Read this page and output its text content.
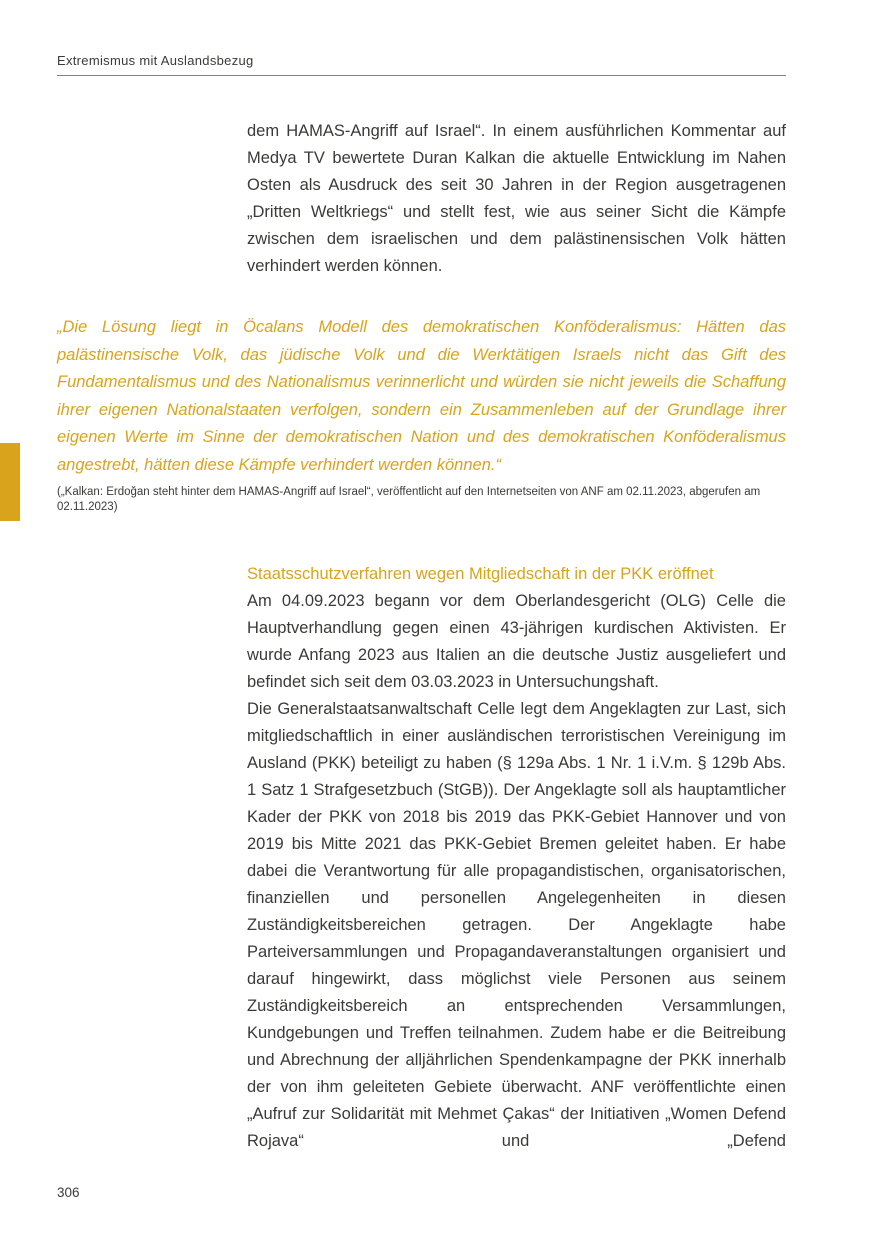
Extremismus mit Auslandsbezug

dem HAMAS-Angriff auf Israel“. In einem ausführlichen Kommentar auf Medya TV bewertete Duran Kalkan die aktuelle Entwicklung im Nahen Osten als Ausdruck des seit 30 Jahren in der Region ausgetragenen „Dritten Weltkriegs“ und stellt fest, wie aus seiner Sicht die Kämpfe zwischen dem israelischen und dem palästinensischen Volk hätten verhindert werden können.

„Die Lösung liegt in Öcalans Modell des demokratischen Konföderalismus: Hätten das palästinensische Volk, das jüdische Volk und die Werktätigen Israels nicht das Gift des Fundamentalismus und des Nationalismus verinnerlicht und würden sie nicht jeweils die Schaffung ihrer eigenen Nationalstaaten verfolgen, sondern ein Zusammenleben auf der Grundlage ihrer eigenen Werte im Sinne der demokratischen Nation und des demokratischen Konföderalismus angestrebt, hätten diese Kämpfe verhindert werden können.“

(„Kalkan: Erdoğan steht hinter dem HAMAS-Angriff auf Israel“, veröffentlicht auf den Internetseiten von ANF am 02.11.2023, abgerufen am 02.11.2023)

Staatsschutzverfahren wegen Mitgliedschaft in der PKK eröffnet

Am 04.09.2023 begann vor dem Oberlandesgericht (OLG) Celle die Hauptverhandlung gegen einen 43-jährigen kurdischen Aktivisten. Er wurde Anfang 2023 aus Italien an die deutsche Justiz ausgeliefert und befindet sich seit dem 03.03.2023 in Untersuchungshaft.

Die Generalstaatsanwaltschaft Celle legt dem Angeklagten zur Last, sich mitgliedschaftlich in einer ausländischen terroristischen Vereinigung im Ausland (PKK) beteiligt zu haben (§ 129a Abs. 1 Nr. 1 i.V.m. § 129b Abs. 1 Satz 1 Strafgesetzbuch (StGB)). Der Angeklagte soll als hauptamtlicher Kader der PKK von 2018 bis 2019 das PKK-Gebiet Hannover und von 2019 bis Mitte 2021 das PKK-Gebiet Bremen geleitet haben. Er habe dabei die Verantwortung für alle propagandistischen, organisatorischen, finanziellen und personellen Angelegenheiten in diesen Zuständigkeitsbereichen getragen. Der Angeklagte habe Parteiversammlungen und Propagandaveranstaltungen organisiert und darauf hingewirkt, dass möglichst viele Personen aus seinem Zuständigkeitsbereich an entsprechenden Versammlungen, Kundgebungen und Treffen teilnahmen. Zudem habe er die Beitreibung und Abrechnung der alljährlichen Spendenkampagne der PKK innerhalb der von ihm geleiteten Gebiete überwacht. ANF veröffentlichte einen „Aufruf zur Solidarität mit Mehmet Çakas“ der Initiativen „Women Defend Rojava“ und „Defend

306
